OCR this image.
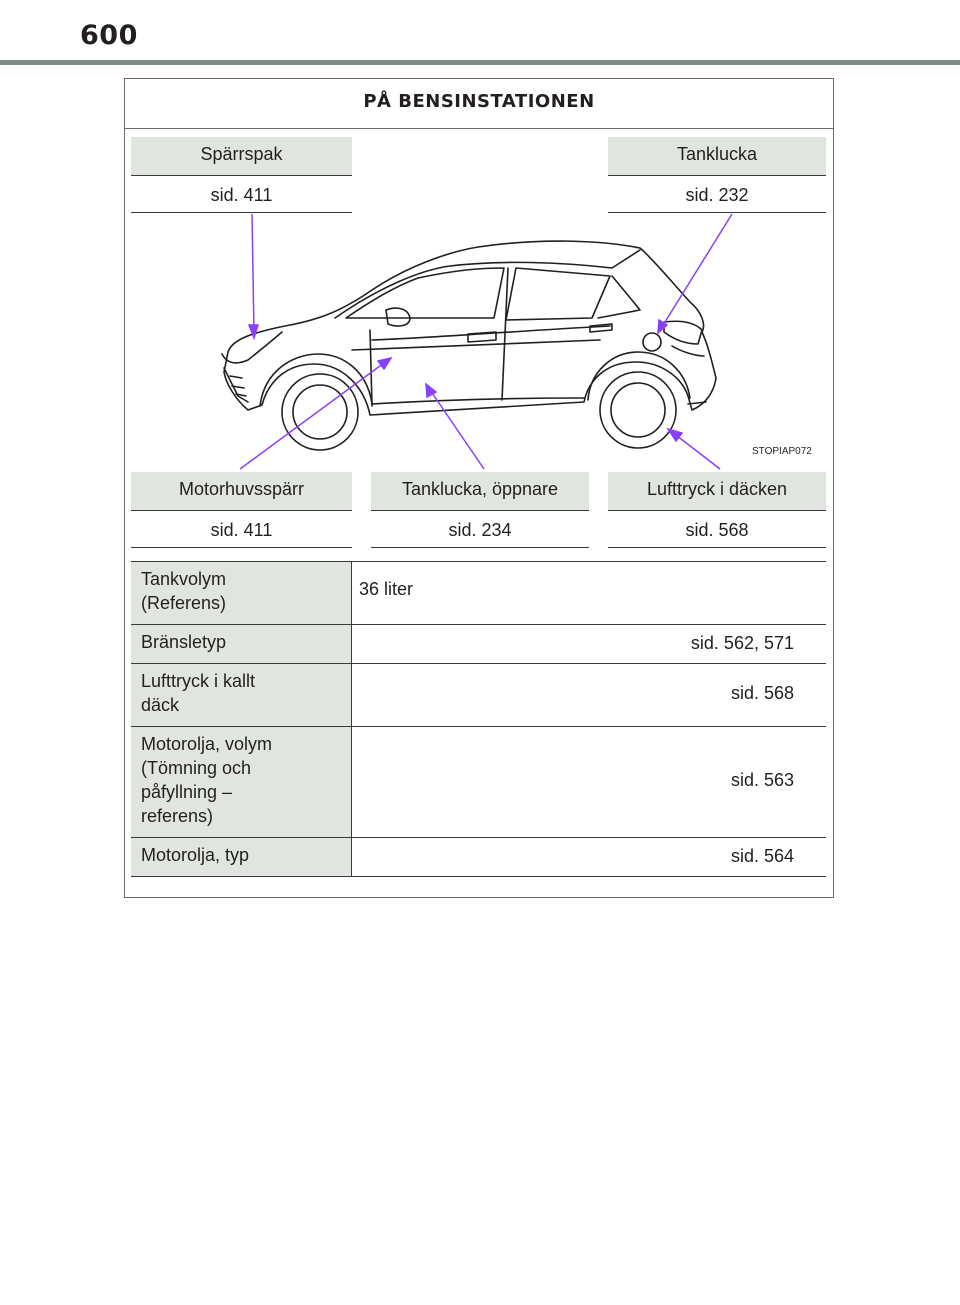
600
PÅ BENSINSTATIONEN
Spärrspak
sid. 411
Tanklucka
sid. 232
STOPIAP072
Motorhuvsspärr
sid. 411
Tanklucka, öppnare
sid. 234
Lufttryck i däcken
sid. 568
Tankvolym
(Referens)
36 liter
Bränsletyp	sid. 562, 571
Lufttryck i kallt
däck
sid. 568
Motorolja, volym
(Tömning och
påfyllning –
referens)
sid. 563
Motorolja, typ	sid. 564
